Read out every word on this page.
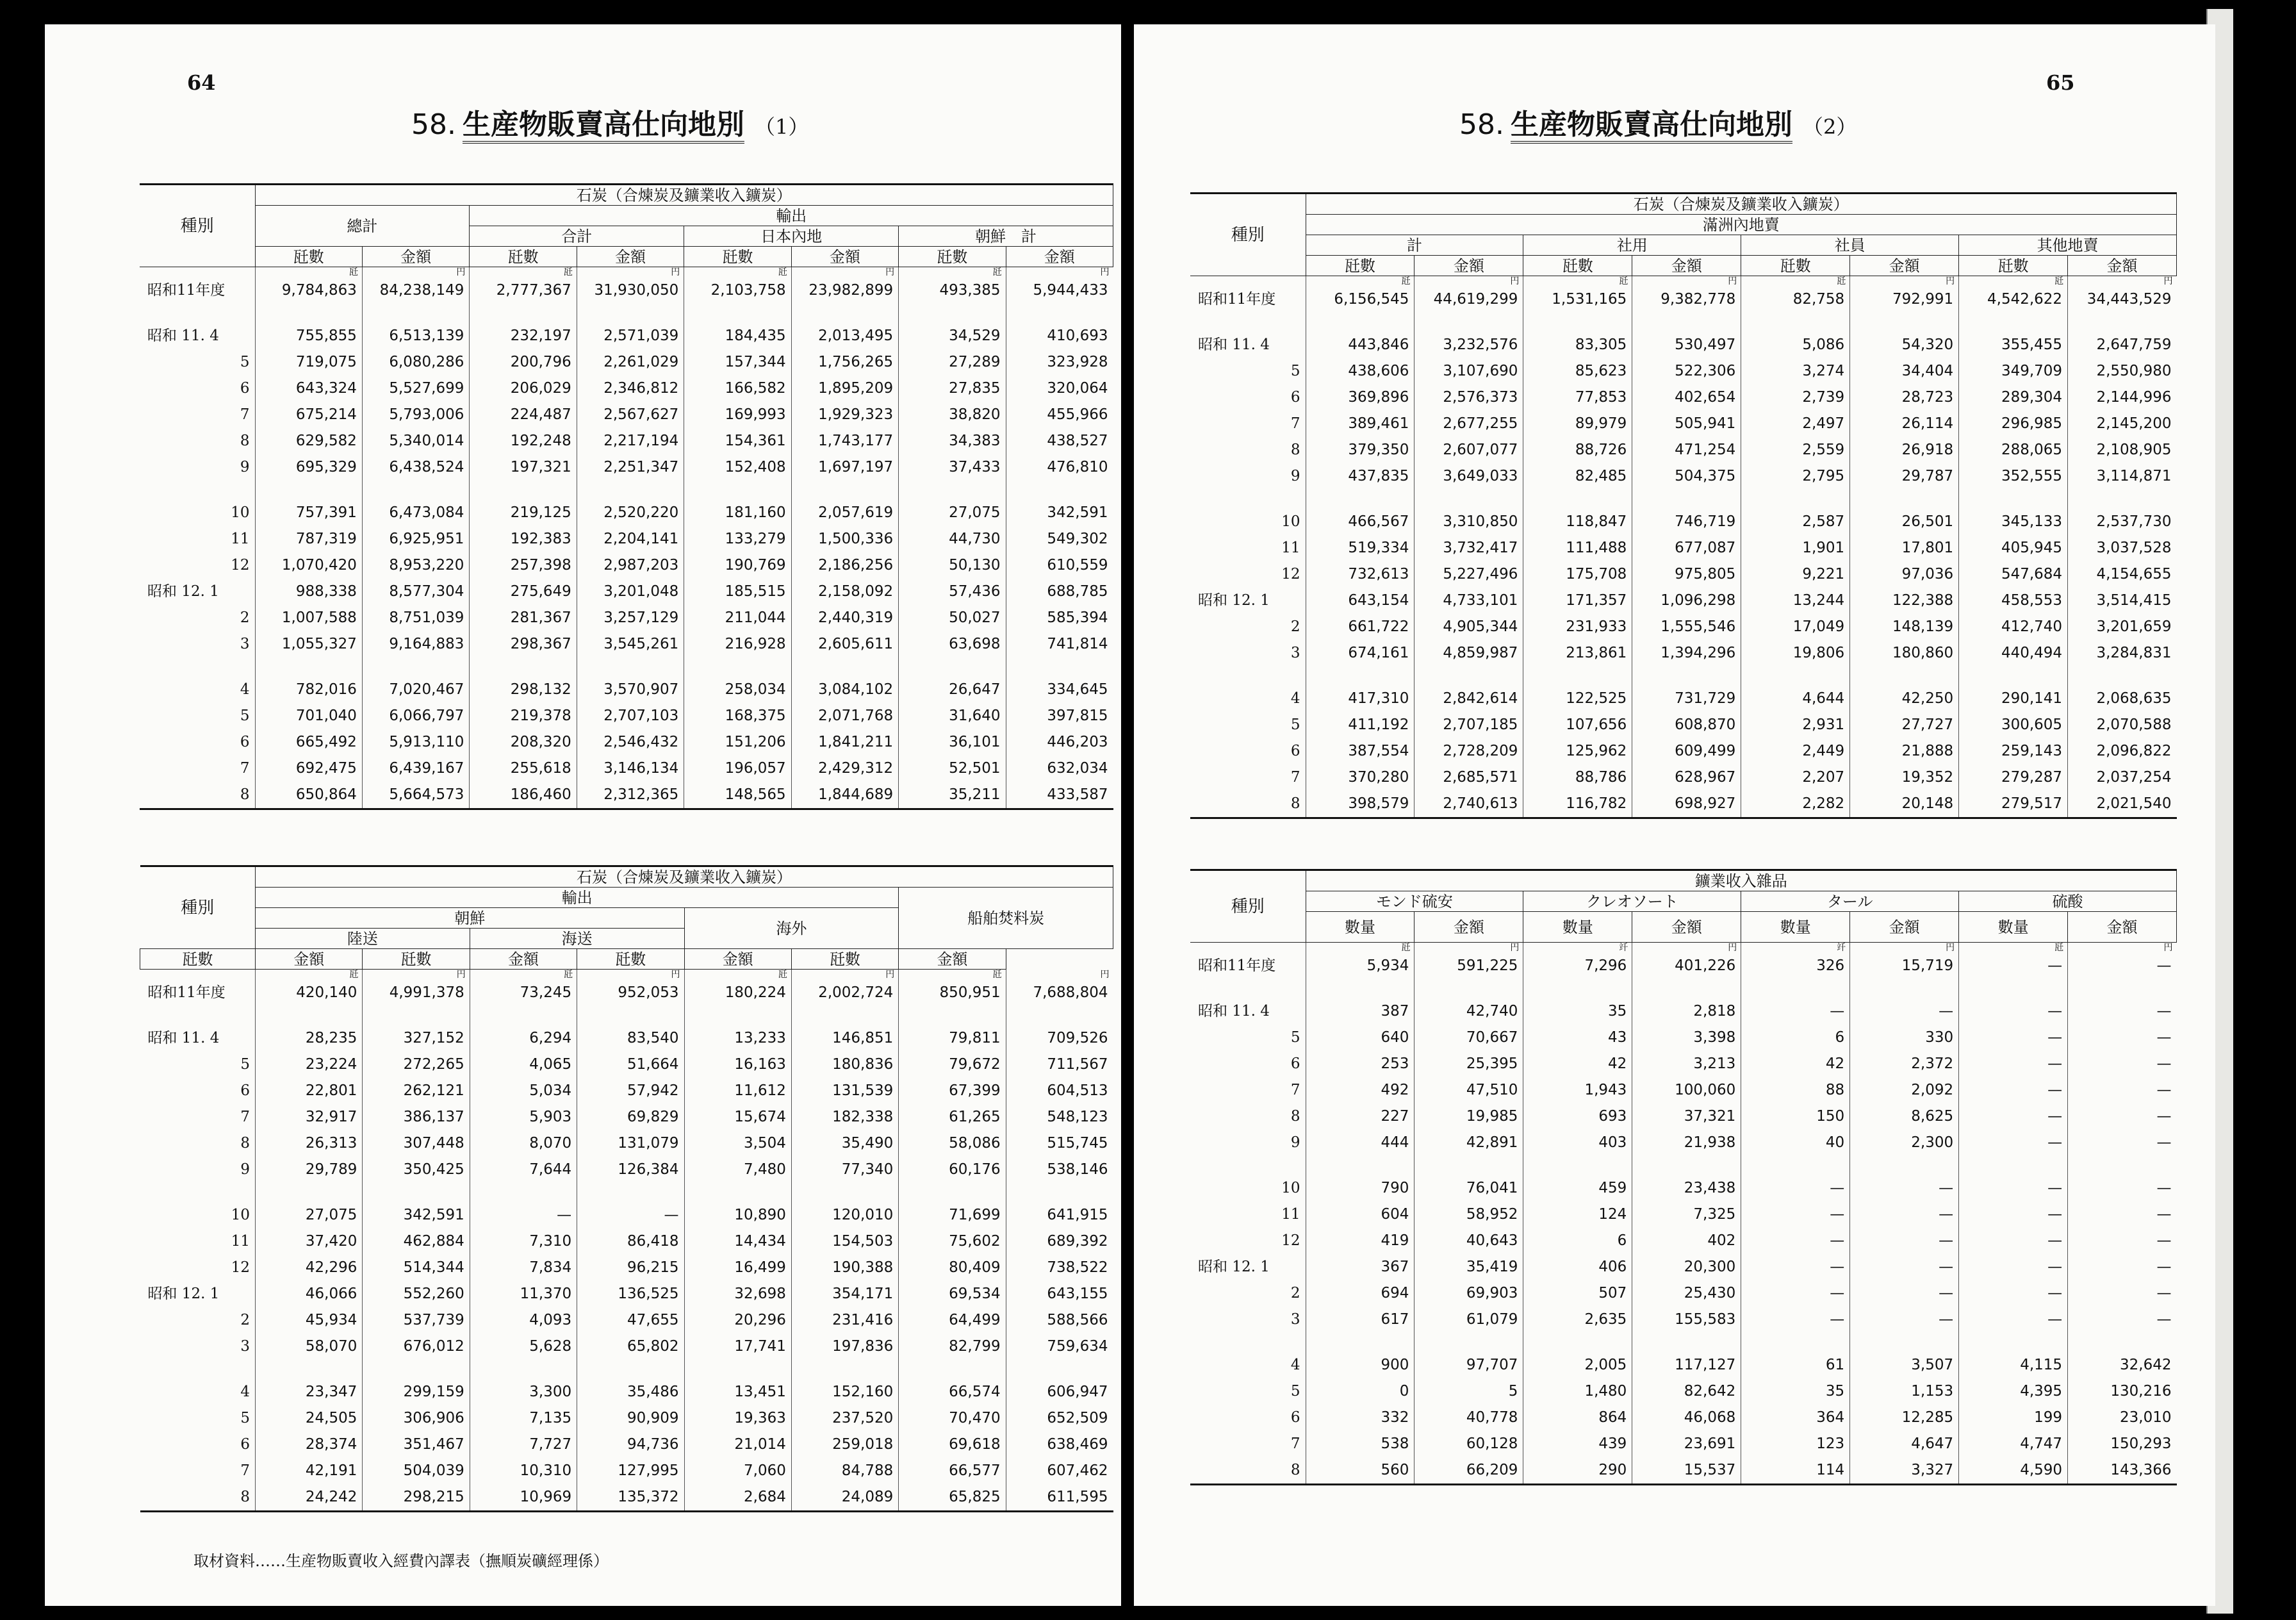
64
58. 生産物販賣高仕向地別 （1）
種別	石炭（合煉炭及鑛業收入鑛炭）							
	總計		輸出					
			合計		日本內地		朝鮮　計	
	瓩數	金額	瓩數	金額	瓩數	金額	瓩數	金額
	瓩	円	瓩	円	瓩	円	瓩	円
昭和11年度	9,784,863	84,238,149	2,777,367	31,930,050	2,103,758	23,982,899	493,385	5,944,433

昭和 11. 4	755,855	6,513,139	232,197	2,571,039	184,435	2,013,495	34,529	410,693
5	719,075	6,080,286	200,796	2,261,029	157,344	1,756,265	27,289	323,928
6	643,324	5,527,699	206,029	2,346,812	166,582	1,895,209	27,835	320,064
7	675,214	5,793,006	224,487	2,567,627	169,993	1,929,323	38,820	455,966
8	629,582	5,340,014	192,248	2,217,194	154,361	1,743,177	34,383	438,527
9	695,329	6,438,524	197,321	2,251,347	152,408	1,697,197	37,433	476,810

10	757,391	6,473,084	219,125	2,520,220	181,160	2,057,619	27,075	342,591
11	787,319	6,925,951	192,383	2,204,141	133,279	1,500,336	44,730	549,302
12	1,070,420	8,953,220	257,398	2,987,203	190,769	2,186,256	50,130	610,559
昭和 12. 1	988,338	8,577,304	275,649	3,201,048	185,515	2,158,092	57,436	688,785
2	1,007,588	8,751,039	281,367	3,257,129	211,044	2,440,319	50,027	585,394
3	1,055,327	9,164,883	298,367	3,545,261	216,928	2,605,611	63,698	741,814

4	782,016	7,020,467	298,132	3,570,907	258,034	3,084,102	26,647	334,645
5	701,040	6,066,797	219,378	2,707,103	168,375	2,071,768	31,640	397,815
6	665,492	5,913,110	208,320	2,546,432	151,206	1,841,211	36,101	446,203
7	692,475	6,439,167	255,618	3,146,134	196,057	2,429,312	52,501	632,034
8	650,864	5,664,573	186,460	2,312,365	148,565	1,844,689	35,211	433,587
種別	石炭（合煉炭及鑛業收入鑛炭）							
	輸出						船舶焚料炭	
	朝鮮				海外			
	陸送		海送					
瓩數	金額	瓩數	金額	瓩數	金額	瓩數	金額	
	瓩	円	瓩	円	瓩	円	瓩	円
昭和11年度	420,140	4,991,378	73,245	952,053	180,224	2,002,724	850,951	7,688,804

昭和 11. 4	28,235	327,152	6,294	83,540	13,233	146,851	79,811	709,526
5	23,224	272,265	4,065	51,664	16,163	180,836	79,672	711,567
6	22,801	262,121	5,034	57,942	11,612	131,539	67,399	604,513
7	32,917	386,137	5,903	69,829	15,674	182,338	61,265	548,123
8	26,313	307,448	8,070	131,079	3,504	35,490	58,086	515,745
9	29,789	350,425	7,644	126,384	7,480	77,340	60,176	538,146

10	27,075	342,591	—	—	10,890	120,010	71,699	641,915
11	37,420	462,884	7,310	86,418	14,434	154,503	75,602	689,392
12	42,296	514,344	7,834	96,215	16,499	190,388	80,409	738,522
昭和 12. 1	46,066	552,260	11,370	136,525	32,698	354,171	69,534	643,155
2	45,934	537,739	4,093	47,655	20,296	231,416	64,499	588,566
3	58,070	676,012	5,628	65,802	17,741	197,836	82,799	759,634

4	23,347	299,159	3,300	35,486	13,451	152,160	66,574	606,947
5	24,505	306,906	7,135	90,909	19,363	237,520	70,470	652,509
6	28,374	351,467	7,727	94,736	21,014	259,018	69,618	638,469
7	42,191	504,039	10,310	127,995	7,060	84,788	66,577	607,462
8	24,242	298,215	10,969	135,372	2,684	24,089	65,825	611,595
取材資料……生産物販賣收入經費內譯表（撫順炭礦經理係）
65
58. 生産物販賣高仕向地別 （2）
種別	石炭（合煉炭及鑛業收入鑛炭）							
	滿洲內地賣							
	計		社用		社員		其他地賣	
	瓩數	金額	瓩數	金額	瓩數	金額	瓩數	金額
	瓩	円	瓩	円	瓩	円	瓩	円
昭和11年度	6,156,545	44,619,299	1,531,165	9,382,778	82,758	792,991	4,542,622	34,443,529

昭和 11. 4	443,846	3,232,576	83,305	530,497	5,086	54,320	355,455	2,647,759
5	438,606	3,107,690	85,623	522,306	3,274	34,404	349,709	2,550,980
6	369,896	2,576,373	77,853	402,654	2,739	28,723	289,304	2,144,996
7	389,461	2,677,255	89,979	505,941	2,497	26,114	296,985	2,145,200
8	379,350	2,607,077	88,726	471,254	2,559	26,918	288,065	2,108,905
9	437,835	3,649,033	82,485	504,375	2,795	29,787	352,555	3,114,871

10	466,567	3,310,850	118,847	746,719	2,587	26,501	345,133	2,537,730
11	519,334	3,732,417	111,488	677,087	1,901	17,801	405,945	3,037,528
12	732,613	5,227,496	175,708	975,805	9,221	97,036	547,684	4,154,655
昭和 12. 1	643,154	4,733,101	171,357	1,096,298	13,244	122,388	458,553	3,514,415
2	661,722	4,905,344	231,933	1,555,546	17,049	148,139	412,740	3,201,659
3	674,161	4,859,987	213,861	1,394,296	19,806	180,860	440,494	3,284,831

4	417,310	2,842,614	122,525	731,729	4,644	42,250	290,141	2,068,635
5	411,192	2,707,185	107,656	608,870	2,931	27,727	300,605	2,070,588
6	387,554	2,728,209	125,962	609,499	2,449	21,888	259,143	2,096,822
7	370,280	2,685,571	88,786	628,967	2,207	19,352	279,287	2,037,254
8	398,579	2,740,613	116,782	698,927	2,282	20,148	279,517	2,021,540
種別	鑛業收入雜品							
	モンド硫安		クレオソート		タール		硫酸	
	數量	金額	數量	金額	數量	金額	數量	金額
	瓩	円	竏	円	竏	円	瓩	円
昭和11年度	5,934	591,225	7,296	401,226	326	15,719	—	—

昭和 11. 4	387	42,740	35	2,818	—	—	—	—
5	640	70,667	43	3,398	6	330	—	—
6	253	25,395	42	3,213	42	2,372	—	—
7	492	47,510	1,943	100,060	88	2,092	—	—
8	227	19,985	693	37,321	150	8,625	—	—
9	444	42,891	403	21,938	40	2,300	—	—

10	790	76,041	459	23,438	—	—	—	—
11	604	58,952	124	7,325	—	—	—	—
12	419	40,643	6	402	—	—	—	—
昭和 12. 1	367	35,419	406	20,300	—	—	—	—
2	694	69,903	507	25,430	—	—	—	—
3	617	61,079	2,635	155,583	—	—	—	—

4	900	97,707	2,005	117,127	61	3,507	4,115	32,642
5	0	5	1,480	82,642	35	1,153	4,395	130,216
6	332	40,778	864	46,068	364	12,285	199	23,010
7	538	60,128	439	23,691	123	4,647	4,747	150,293
8	560	66,209	290	15,537	114	3,327	4,590	143,366
